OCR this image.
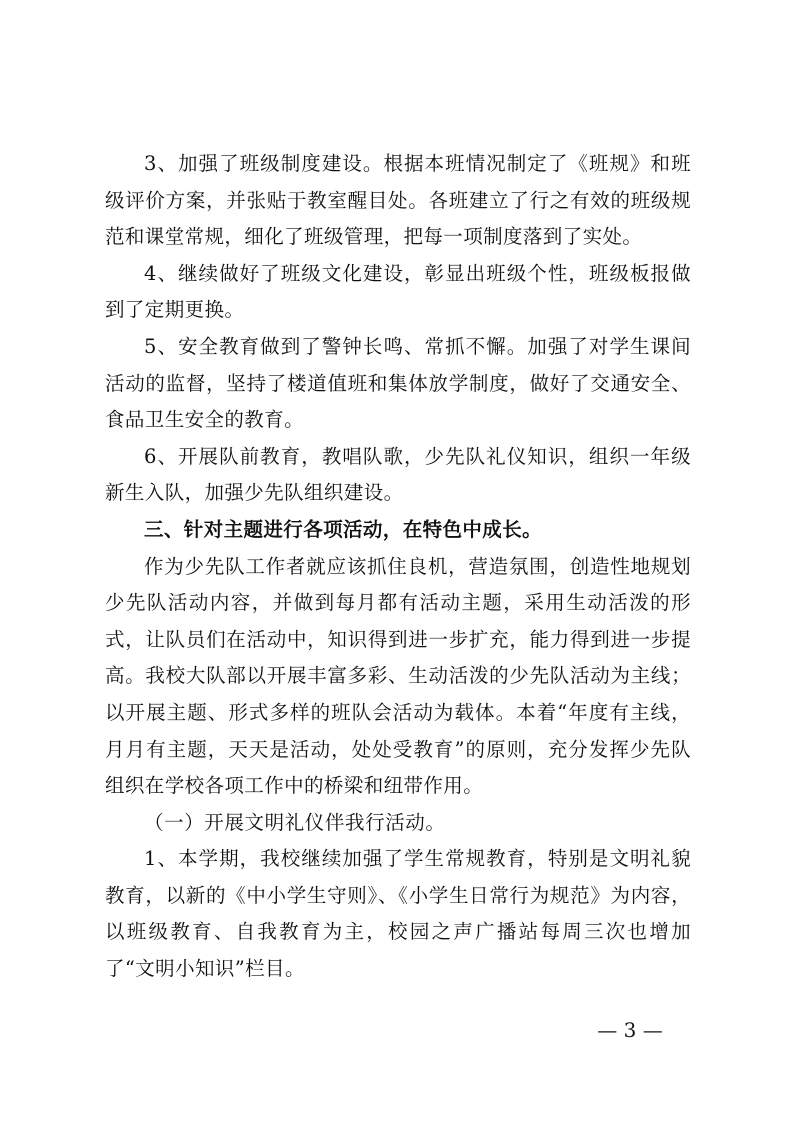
3、加强了班级制度建设。根据本班情况制定了《班规》和班级评价方案，并张贴于教室醒目处。各班建立了行之有效的班级规范和课堂常规，细化了班级管理，把每一项制度落到了实处。

4、继续做好了班级文化建设，彰显出班级个性，班级板报做到了定期更换。

5、安全教育做到了警钟长鸣、常抓不懈。加强了对学生课间活动的监督，坚持了楼道值班和集体放学制度，做好了交通安全、食品卫生安全的教育。

6、开展队前教育，教唱队歌，少先队礼仪知识，组织一年级新生入队，加强少先队组织建设。

三、针对主题进行各项活动，在特色中成长。

作为少先队工作者就应该抓住良机，营造氛围，创造性地规划少先队活动内容，并做到每月都有活动主题，采用生动活泼的形式，让队员们在活动中，知识得到进一步扩充，能力得到进一步提高。我校大队部以开展丰富多彩、生动活泼的少先队活动为主线；以开展主题、形式多样的班队会活动为载体。本着“年度有主线，月月有主题，天天是活动，处处受教育”的原则，充分发挥少先队组织在学校各项工作中的桥梁和纽带作用。

（一）开展文明礼仪伴我行活动。

1、本学期，我校继续加强了学生常规教育，特别是文明礼貌教育，以新的《中小学生守则》、《小学生日常行为规范》为内容，以班级教育、自我教育为主，校园之声广播站每周三次也增加了“文明小知识”栏目。

— 3 —
